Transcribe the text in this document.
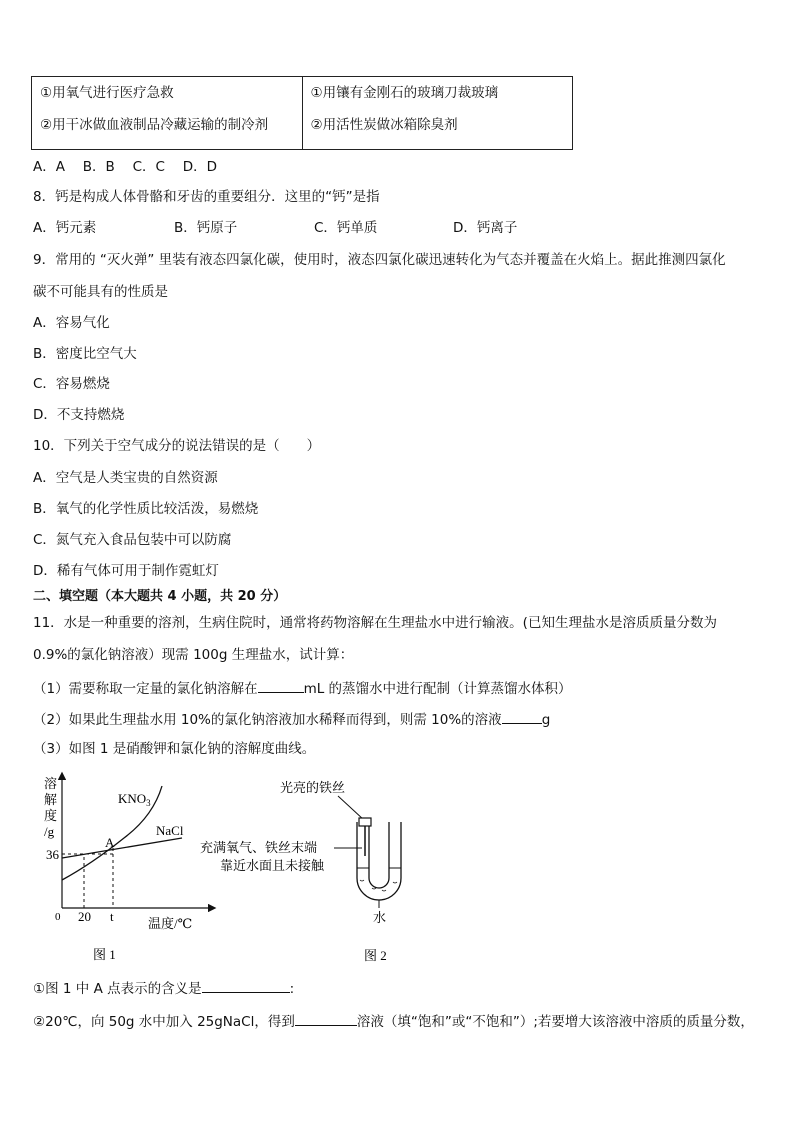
①用氧气进行医疗急救
②用干冰做血液制品冷藏运输的制冷剂

①用镶有金刚石的玻璃刀裁玻璃
②用活性炭做冰箱除臭剂
A．A　 B．B　 C．C　 D．D
8．钙是构成人体骨骼和牙齿的重要组分．这里的“钙”是指
A．钙元素	B．钙原子	C．钙单质	D．钙离子
9．常用的 “灭火弹” 里装有液态四氯化碳，使用时，液态四氯化碳迅速转化为气态并覆盖在火焰上。据此推测四氯化
碳不可能具有的性质是
A．容易气化
B．密度比空气大
C．容易燃烧
D．不支持燃烧
10．下列关于空气成分的说法错误的是（　　）
A．空气是人类宝贵的自然资源
B．氧气的化学性质比较活泼，易燃烧
C．氮气充入食品包装中可以防腐
D．稀有气体可用于制作霓虹灯
二、填空题（本大题共 4 小题，共 20 分）
11．水是一种重要的溶剂，生病住院时，通常将药物溶解在生理盐水中进行输液。(已知生理盐水是溶质质量分数为
0.9%的氯化钠溶液）现需 100g 生理盐水，试计算：
（1）需要称取一定量的氯化钠溶解在	mL 的蒸馏水中进行配制（计算蒸馏水体积）
（2）如果此生理盐水用 10%的氯化钠溶液加水稀释而得到，则需 10%的溶液	g
（3）如图 1 是硝酸钾和氯化钠的溶解度曲线。
溶
解
度
/g
$KNO_3$
NaCl
A
36
0 20 t	温度/℃
图 1
光亮的铁丝
充满氧气、铁丝末端
靠近水面且未接触
水
图 2
①图 1 中 A 点表示的含义是	:
②20℃，向 50g 水中加入 25gNaCl，得到	溶液（填“饱和”或“不饱和”）;若要增大该溶液中溶质的质量分数，
